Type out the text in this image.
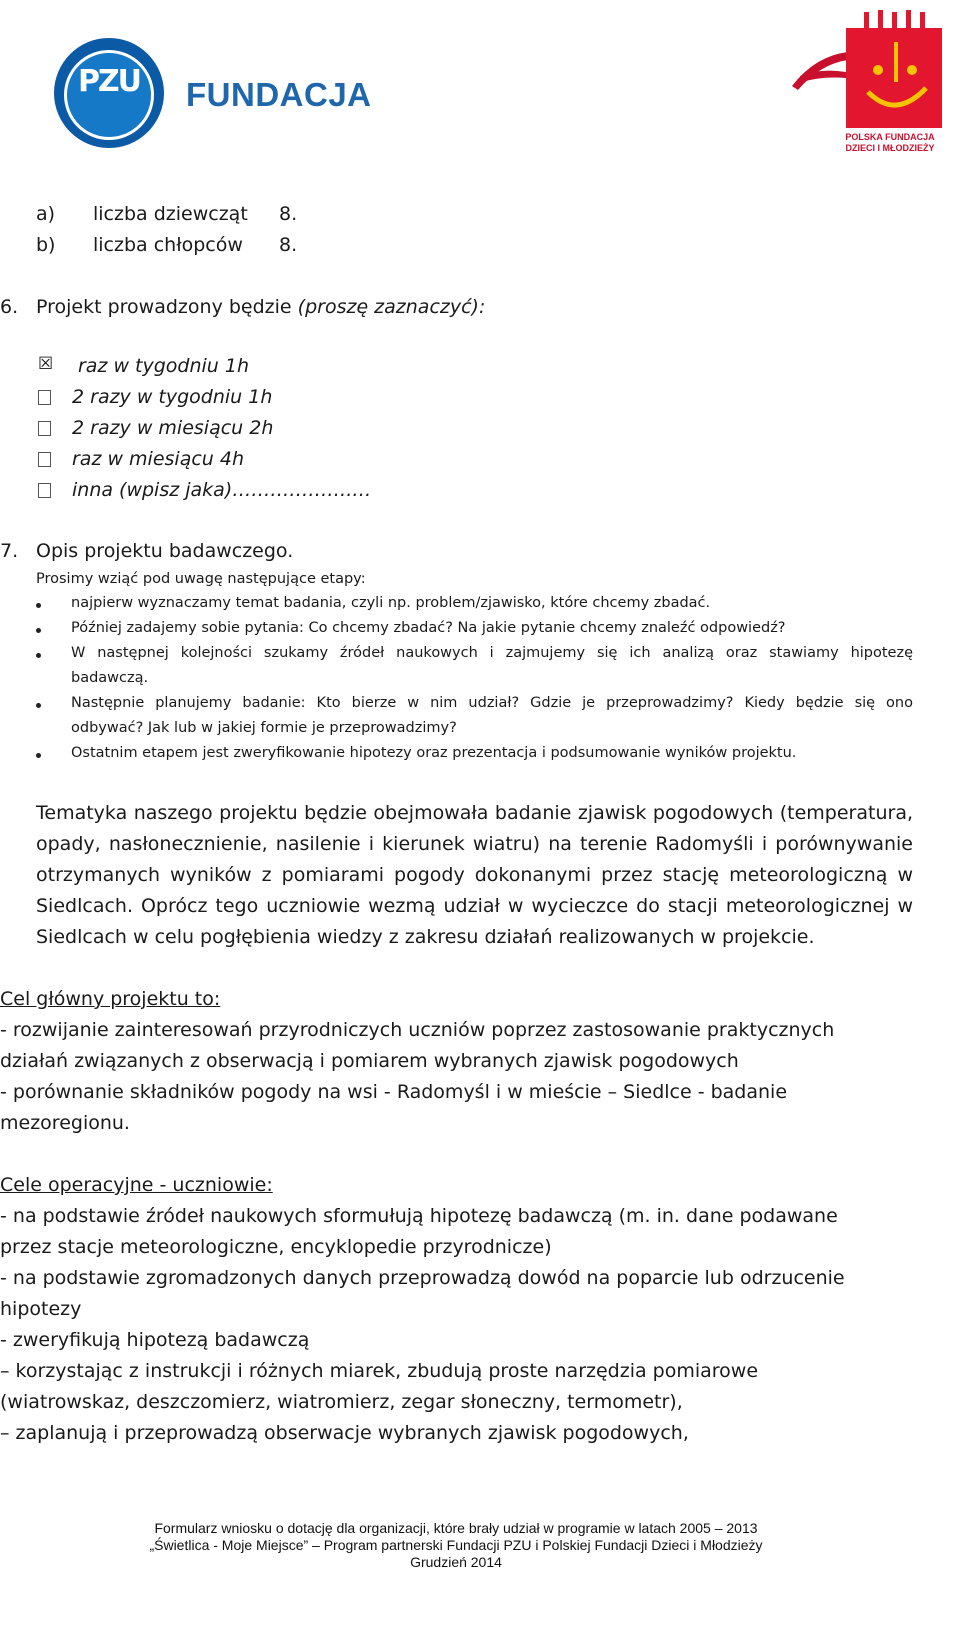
PZU	FUNDACJA
POLSKA FUNDACJA
DZIECI I MŁODZIEŻY
a) liczba dziewcząt 8.
b) liczba chłopców 8.
6. Projekt prowadzony będzie (proszę zaznaczyć):
☒ raz w tygodniu 1h
2 razy w tygodniu 1h
2 razy w miesiącu 2h
raz w miesiącu 4h
inna (wpisz jaka)……………….…
7. Opis projektu badawczego.
Prosimy wziąć pod uwagę następujące etapy:
najpierw wyznaczamy temat badania, czyli np. problem/zjawisko, które chcemy zbadać.
Później zadajemy sobie pytania: Co chcemy zbadać? Na jakie pytanie chcemy znaleźć odpowiedź?
W następnej kolejności szukamy źródeł naukowych i zajmujemy się ich analizą oraz stawiamy hipotezę
badawczą.
Następnie planujemy badanie: Kto bierze w nim udział? Gdzie je przeprowadzimy? Kiedy będzie się ono
odbywać? Jak lub w jakiej formie je przeprowadzimy?
Ostatnim etapem jest zweryfikowanie hipotezy oraz prezentacja i podsumowanie wyników projektu.
Tematyka naszego projektu będzie obejmowała badanie zjawisk pogodowych (temperatura,
opady, nasłonecznienie, nasilenie i kierunek wiatru) na terenie Radomyśli i porównywanie
otrzymanych wyników z pomiarami pogody dokonanymi przez stację meteorologiczną w
Siedlcach. Oprócz tego uczniowie wezmą udział w wycieczce do stacji meteorologicznej w
Siedlcach w celu pogłębienia wiedzy z zakresu działań realizowanych w projekcie.
Cel główny projektu to:
- rozwijanie zainteresowań przyrodniczych uczniów poprzez zastosowanie praktycznych
działań związanych z obserwacją i pomiarem wybranych zjawisk pogodowych
- porównanie składników pogody na wsi - Radomyśl i w mieście – Siedlce - badanie
mezoregionu.
Cele operacyjne - uczniowie:
- na podstawie źródeł naukowych sformułują hipotezę badawczą (m. in. dane podawane
przez stacje meteorologiczne, encyklopedie przyrodnicze)
- na podstawie zgromadzonych danych przeprowadzą dowód na poparcie lub odrzucenie
hipotezy
- zweryfikują hipotezą badawczą
– korzystając z instrukcji i różnych miarek, zbudują proste narzędzia pomiarowe
(wiatrowskaz, deszczomierz, wiatromierz, zegar słoneczny, termometr),
– zaplanują i przeprowadzą obserwacje wybranych zjawisk pogodowych,
Formularz wniosku o dotację dla organizacji, które brały udział w programie w latach 2005 – 2013
„Świetlica - Moje Miejsce” – Program partnerski Fundacji PZU i Polskiej Fundacji Dzieci i Młodzieży
Grudzień 2014
